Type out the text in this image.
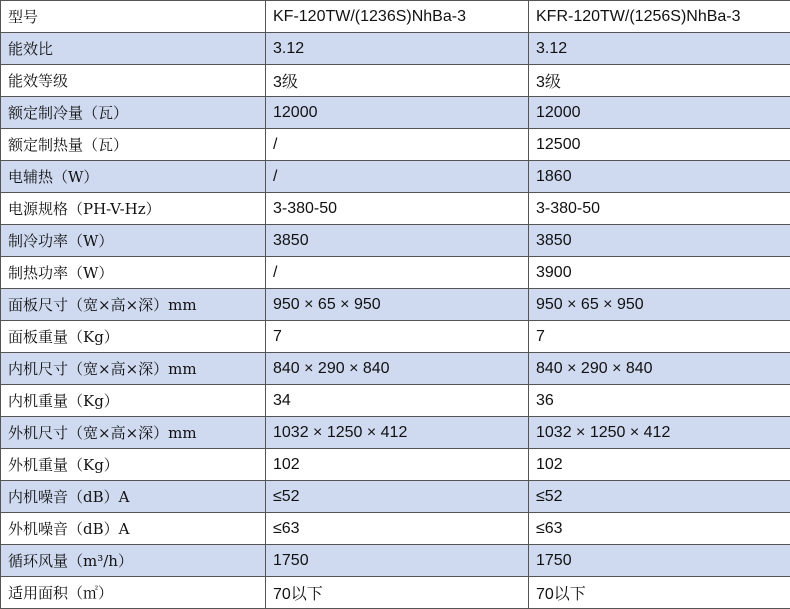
型号	KF-120TW/(1236S)NhBa-3	KFR-120TW/(1256S)NhBa-3
能效比	3.12	3.12
能效等级	3级	3级
额定制冷量（瓦）	12000	12000
额定制热量（瓦）	/	12500
电辅热（W）	/	1860
电源规格（PH-V-Hz）	3-380-50	3-380-50
制冷功率（W）	3850	3850
制热功率（W）	/	3900
面板尺寸（宽×高×深）mm	950 × 65 × 950	950 × 65 × 950
面板重量（Kg）	7	7
内机尺寸（宽×高×深）mm	840 × 290 × 840	840 × 290 × 840
内机重量（Kg）	34	36
外机尺寸（宽×高×深）mm	1032 × 1250 × 412	1032 × 1250 × 412
外机重量（Kg）	102	102
内机噪音（dB）A	≤52	≤52
外机噪音（dB）A	≤63	≤63
循环风量（m³/h）	1750	1750
适用面积（㎡）	70以下	70以下
